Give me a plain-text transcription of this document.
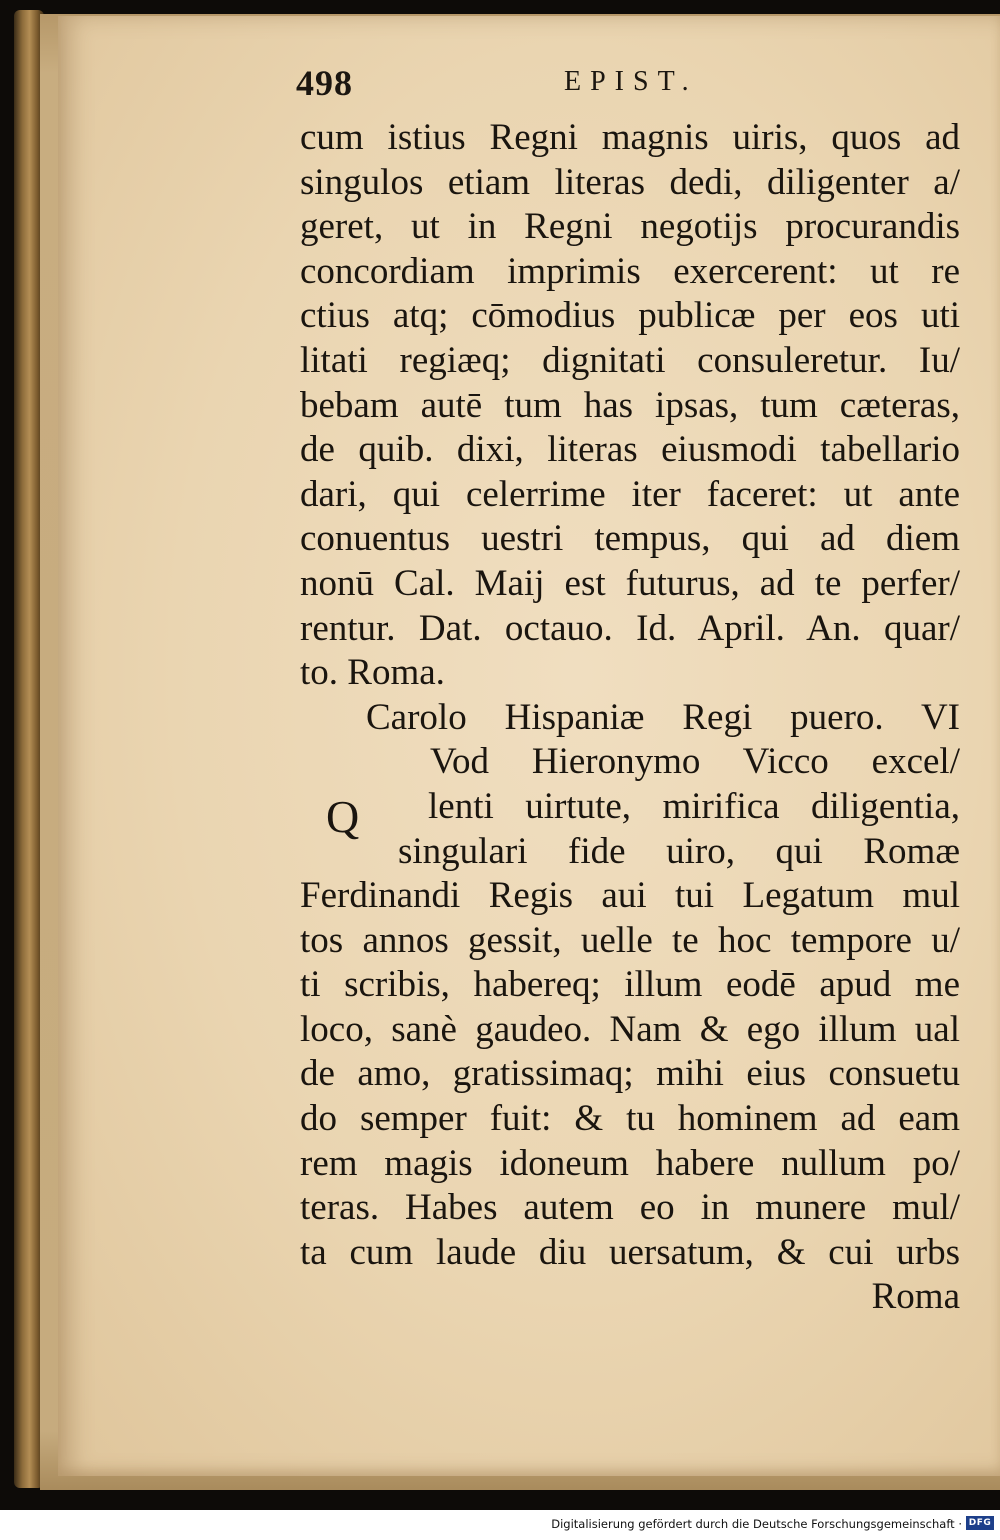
498	EPIST.
cum istius Regni magnis uiris, quos ad
singulos etiam literas dedi, diligenter a/
geret, ut in Regni negotijs procurandis
concordiam imprimis exercerent: ut re
ctius atq; cōmodius publicæ per eos uti
litati regiæq; dignitati consuleretur. Iu/
bebam autē tum has ipsas, tum cæteras,
de quib. dixi, literas eiusmodi tabellario
dari, qui celerrime iter faceret: ut ante
conuentus uestri tempus, qui ad diem
nonū Cal. Maij est futurus, ad te perfer/
rentur. Dat. octauo. Id. April. An. quar/
to. Roma.
Carolo Hispaniæ Regi puero. VI
Vod Hieronymo Vicco excel/
lenti uirtute, mirifica diligentia,
singulari fide uiro, qui Romæ
Ferdinandi Regis aui tui Legatum mul
tos annos gessit, uelle te hoc tempore u/
ti scribis, habereq; illum eodē apud me
loco, sanè gaudeo. Nam & ego illum ual
de amo, gratissimaq; mihi eius consuetu
do semper fuit: & tu hominem ad eam
rem magis idoneum habere nullum po/
teras. Habes autem eo in munere mul/
ta cum laude diu uersatum, & cui urbs
Roma
Q
Digitalisierung gefördert durch die Deutsche Forschungsgemeinschaft · DFG
